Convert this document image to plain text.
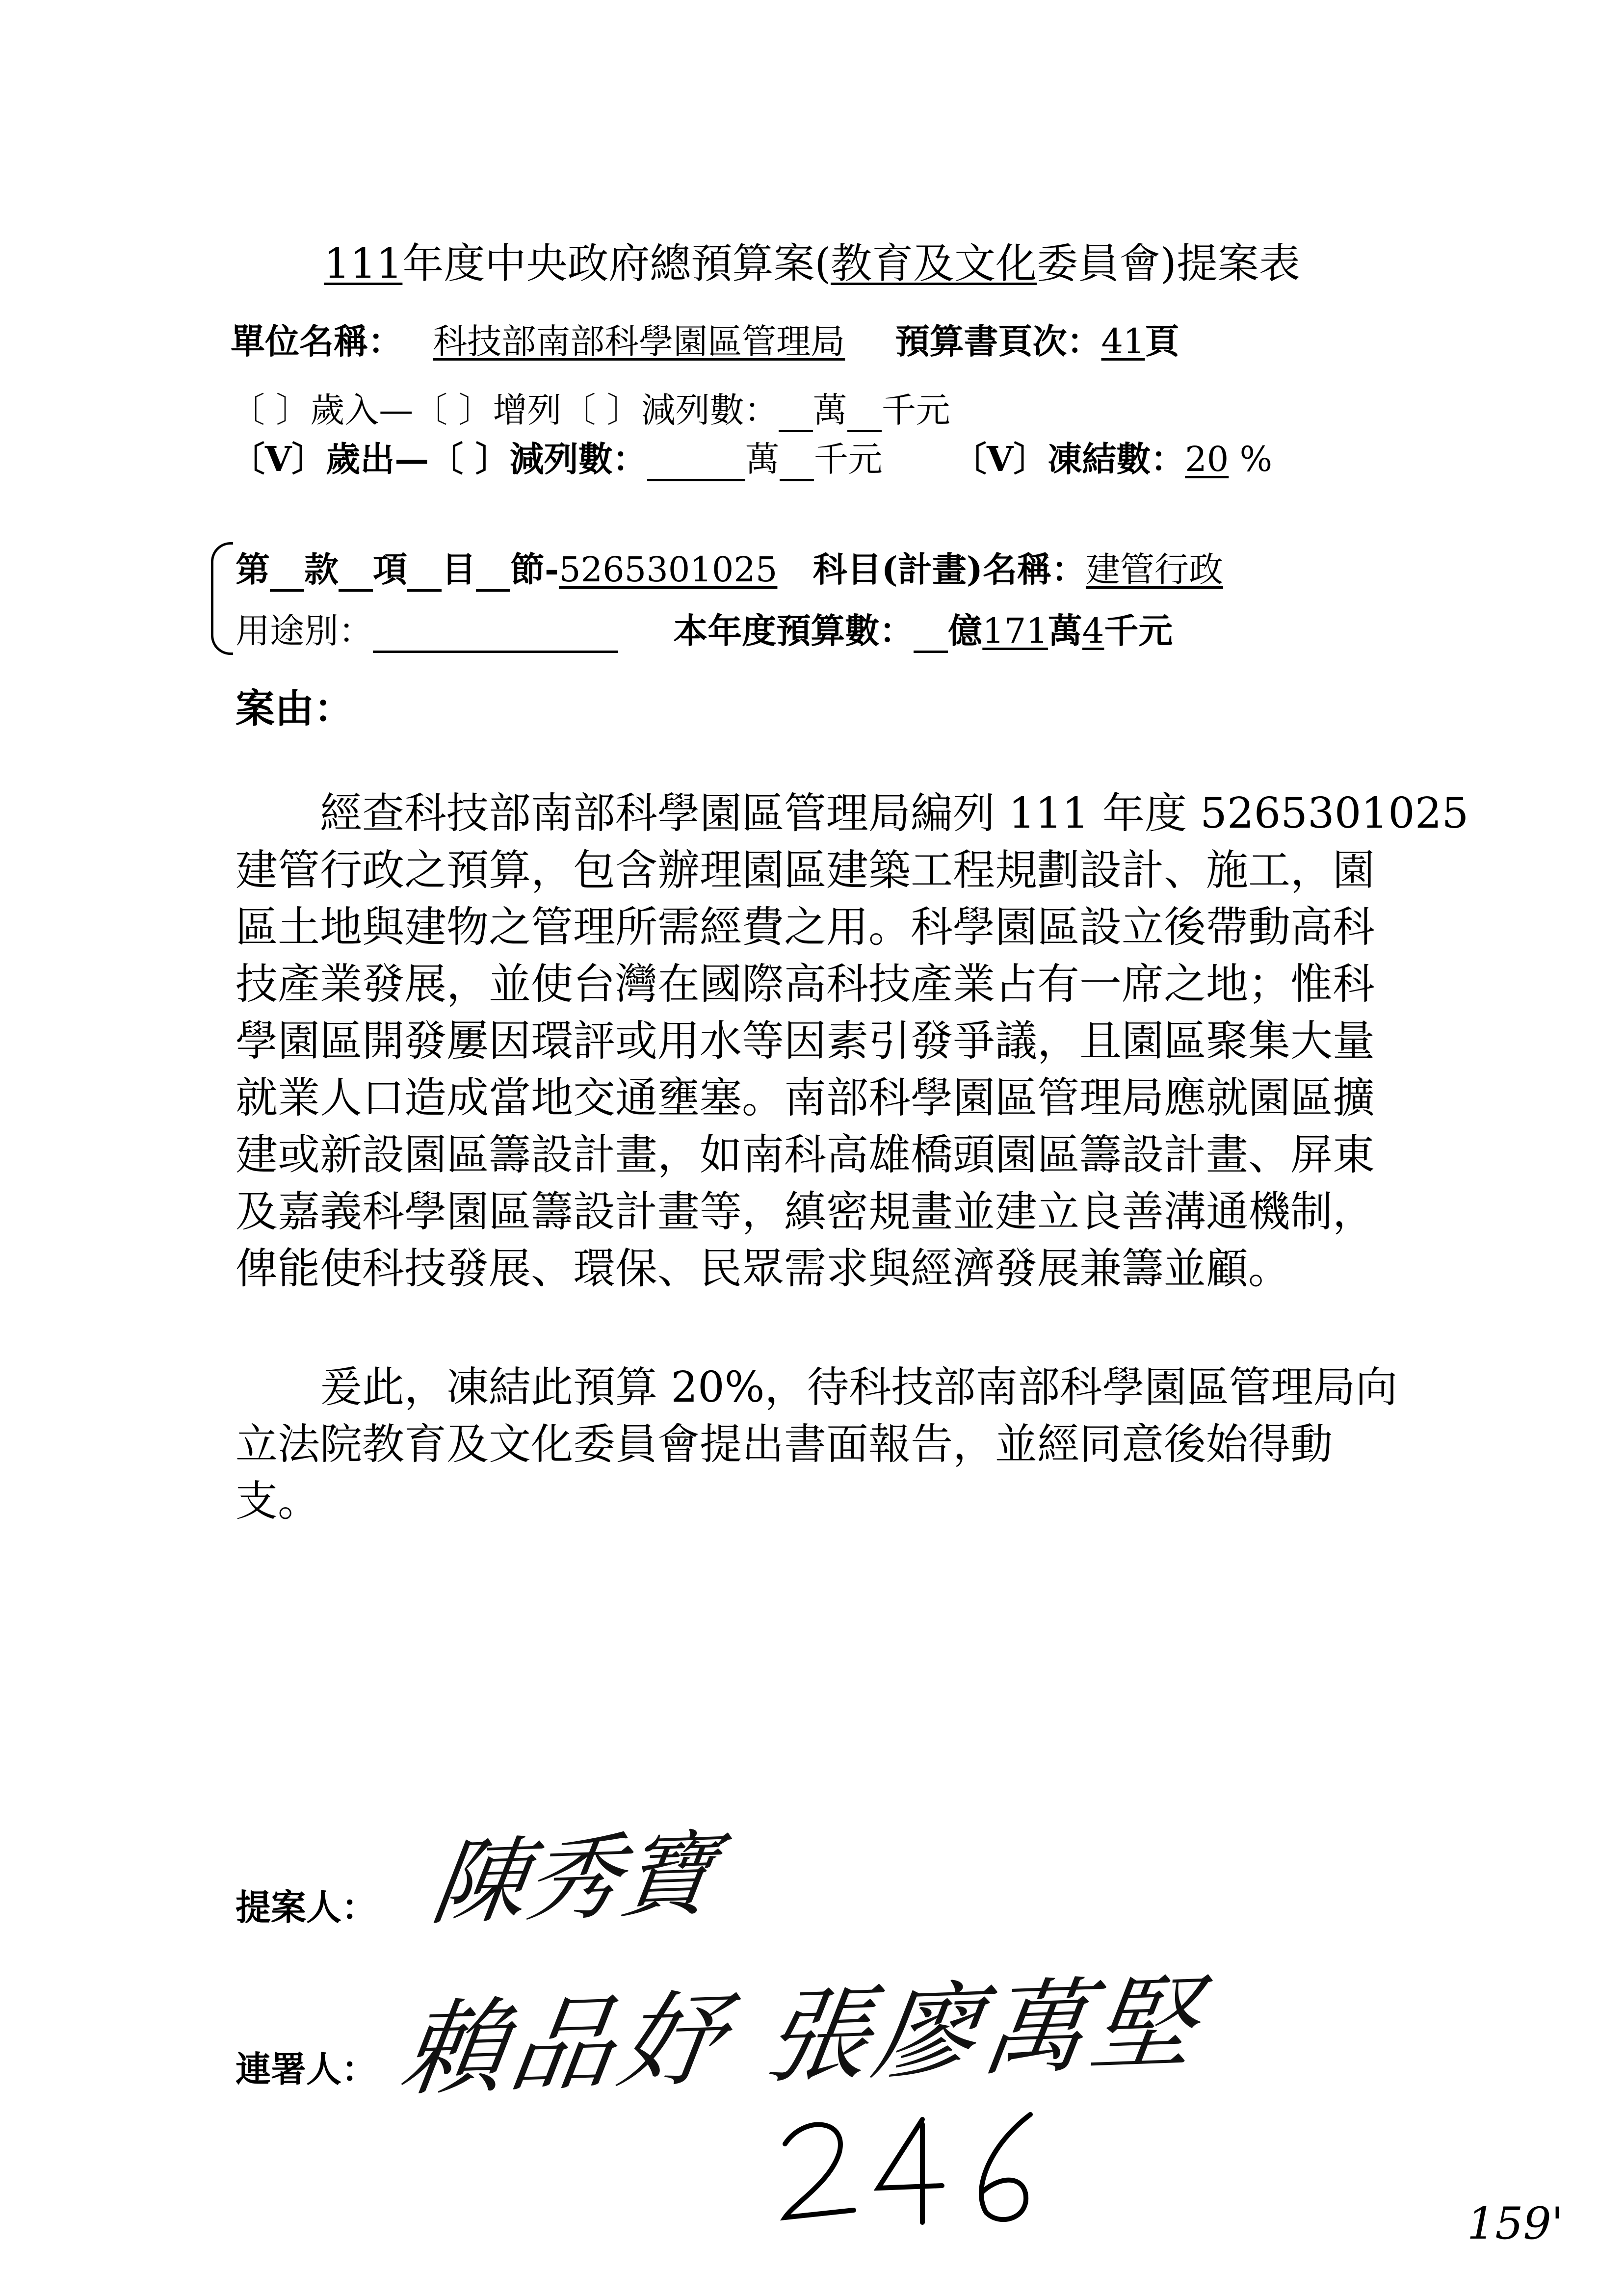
111年度中央政府總預算案(教育及文化委員會)提案表
單位名稱： 科技部南部科學園區管理局 預算書頁次：41頁
〔 〕歲入—〔 〕增列〔 〕減列數： 萬 千元
〔V〕歲出—〔 〕減列數：	萬 千元 〔V〕凍結數：20 %
第 款 項 目 節-5265301025 科目(計畫)名稱：建管行政
用途別：	本年度預算數： 億171萬4千元
案由：
　　經查科技部南部科學園區管理局編列 111 年度 5265301025
建管行政之預算，包含辦理園區建築工程規劃設計、施工，園
區土地與建物之管理所需經費之用。科學園區設立後帶動高科
技產業發展，並使台灣在國際高科技產業占有一席之地；惟科
學園區開發屢因環評或用水等因素引發爭議，且園區聚集大量
就業人口造成當地交通壅塞。南部科學園區管理局應就園區擴
建或新設園區籌設計畫，如南科高雄橋頭園區籌設計畫、屏東
及嘉義科學園區籌設計畫等，縝密規畫並建立良善溝通機制，
俾能使科技發展、環保、民眾需求與經濟發展兼籌並顧。
　　爰此，凍結此預算 20%，待科技部南部科學園區管理局向
立法院教育及文化委員會提出書面報告，並經同意後始得動
支。
提案人：
連署人：
陳秀寶
賴品妤 張廖萬堅
159'
